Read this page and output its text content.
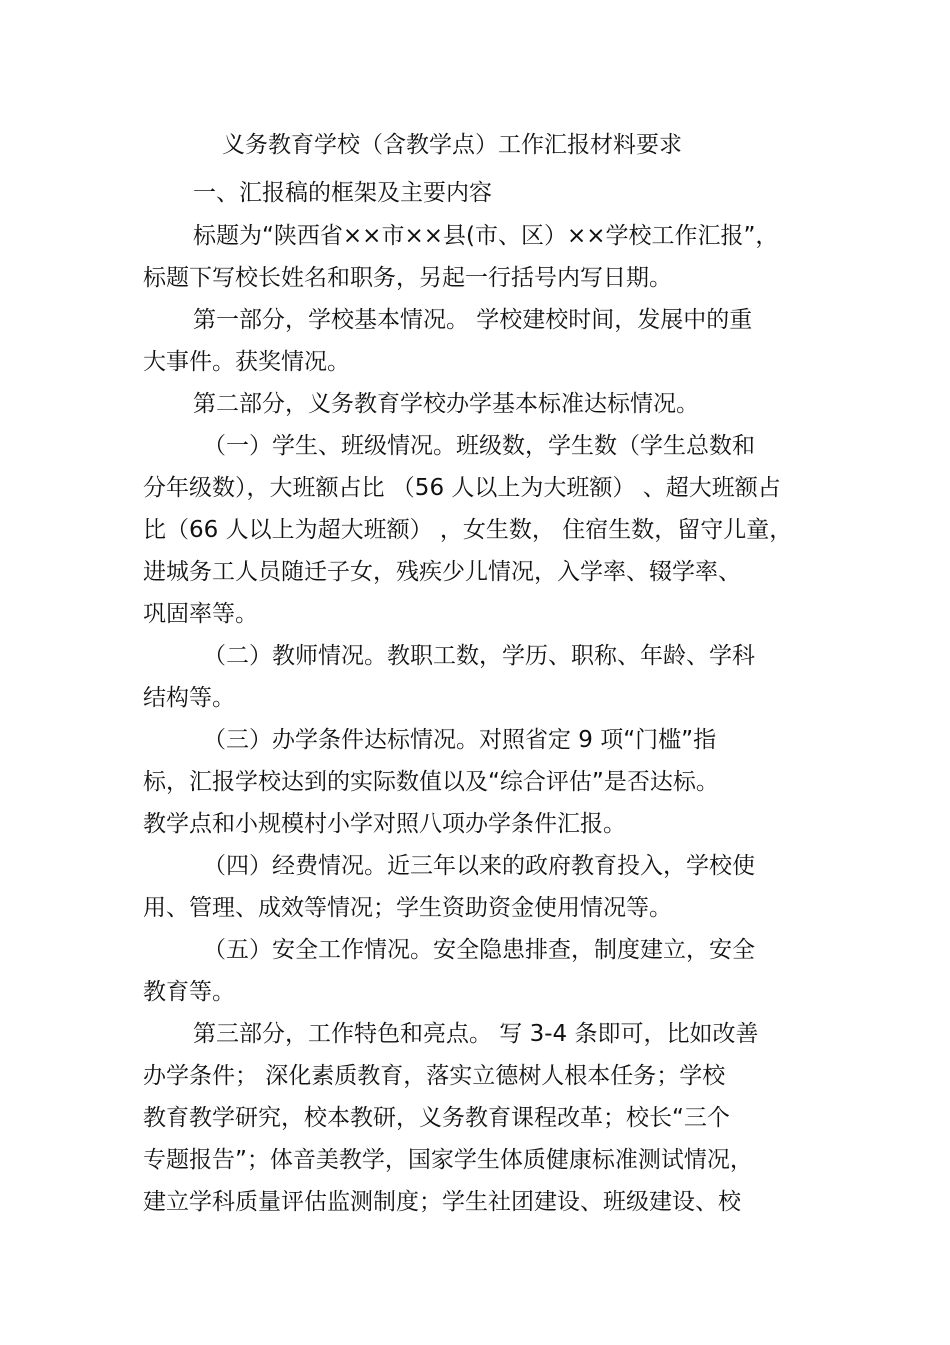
义务教育学校（含教学点）工作汇报材料要求

一、汇报稿的框架及主要内容

标题为“陕西省××市××县(市、区）××学校工作汇报”，

标题下写校长姓名和职务，另起一行括号内写日期。

第一部分，学校基本情况。 学校建校时间，发展中的重

大事件。获奖情况。

第二部分，义务教育学校办学基本标准达标情况。

（一）学生、班级情况。班级数，学生数（学生总数和

分年级数），大班额占比 （56 人以上为大班额） 、超大班额占

比（66 人以上为超大班额） ，女生数， 住宿生数，留守儿童，

进城务工人员随迁子女，残疾少儿情况，入学率、辍学率、

巩固率等。

（二）教师情况。教职工数，学历、职称、年龄、学科

结构等。

（三）办学条件达标情况。对照省定 9 项“门槛”指

标，汇报学校达到的实际数值以及“综合评估”是否达标。

教学点和小规模村小学对照八项办学条件汇报。

（四）经费情况。近三年以来的政府教育投入，学校使

用、管理、成效等情况；学生资助资金使用情况等。

（五）安全工作情况。安全隐患排查，制度建立，安全

教育等。

第三部分，工作特色和亮点。 写 3-4 条即可，比如改善

办学条件； 深化素质教育，落实立德树人根本任务；学校

教育教学研究，校本教研，义务教育课程改革；校长“三个

专题报告”；体音美教学，国家学生体质健康标准测试情况，

建立学科质量评估监测制度；学生社团建设、班级建设、校
